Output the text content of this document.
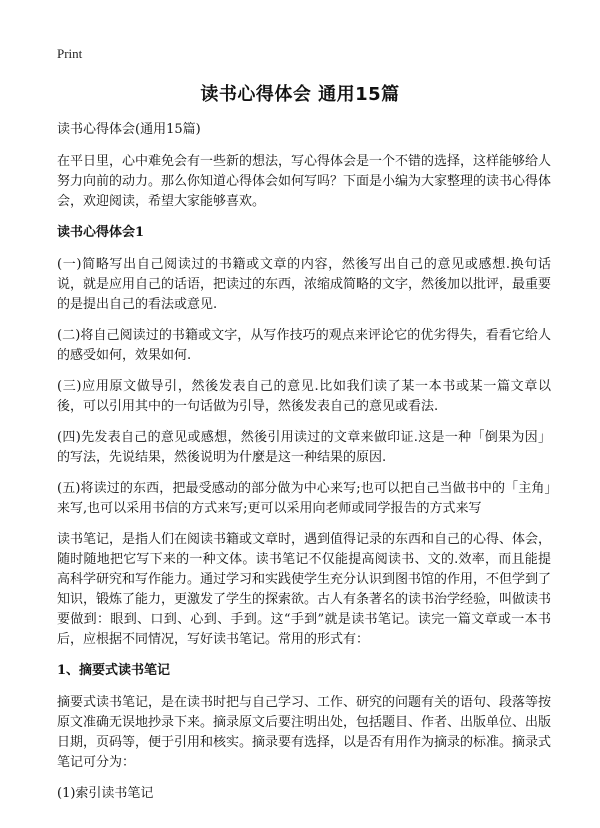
Print
读书心得体会 通用15篇

读书心得体会(通用15篇)

在平日里，心中难免会有一些新的想法，写心得体会是一个不错的选择，这样能够给人努力向前的动力。那么你知道心得体会如何写吗？下面是小编为大家整理的读书心得体会，欢迎阅读，希望大家能够喜欢。

读书心得体会1

(一)简略写出自己阅读过的书籍或文章的内容，然後写出自己的意见或感想.换句话说，就是应用自己的话语，把读过的东西，浓缩成简略的文字，然後加以批评，最重要的是提出自己的看法或意见.

(二)将自己阅读过的书籍或文字，从写作技巧的观点来评论它的优劣得失，看看它给人的感受如何，效果如何.

(三)应用原文做导引，然後发表自己的意见.比如我们读了某一本书或某一篇文章以後，可以引用其中的一句话做为引导，然後发表自己的意见或看法.

(四)先发表自己的意见或感想，然後引用读过的文章来做印证.这是一种「倒果为因」的写法，先说结果，然後说明为什麼是这一种结果的原因.

(五)将读过的东西，把最受感动的部分做为中心来写;也可以把自己当做书中的「主角」来写,也可以采用书信的方式来写;更可以采用向老师或同学报告的方式来写

读书笔记，是指人们在阅读书籍或文章时，遇到值得记录的东西和自己的心得、体会，随时随地把它写下来的一种文体。读书笔记不仅能提高阅读书、文的.效率，而且能提高科学研究和写作能力。通过学习和实践使学生充分认识到图书馆的作用，不但学到了知识，锻炼了能力，更激发了学生的探索欲。古人有条著名的读书治学经验，叫做读书要做到：眼到、口到、心到、手到。这“手到”就是读书笔记。读完一篇文章或一本书后，应根据不同情况，写好读书笔记。常用的形式有：

1、摘要式读书笔记

摘要式读书笔记，是在读书时把与自己学习、工作、研究的问题有关的语句、段落等按原文准确无误地抄录下来。摘录原文后要注明出处，包括题目、作者、出版单位、出版日期，页码等，便于引用和核实。摘录要有选择，以是否有用作为摘录的标准。摘录式笔记可分为：

(1)索引读书笔记
